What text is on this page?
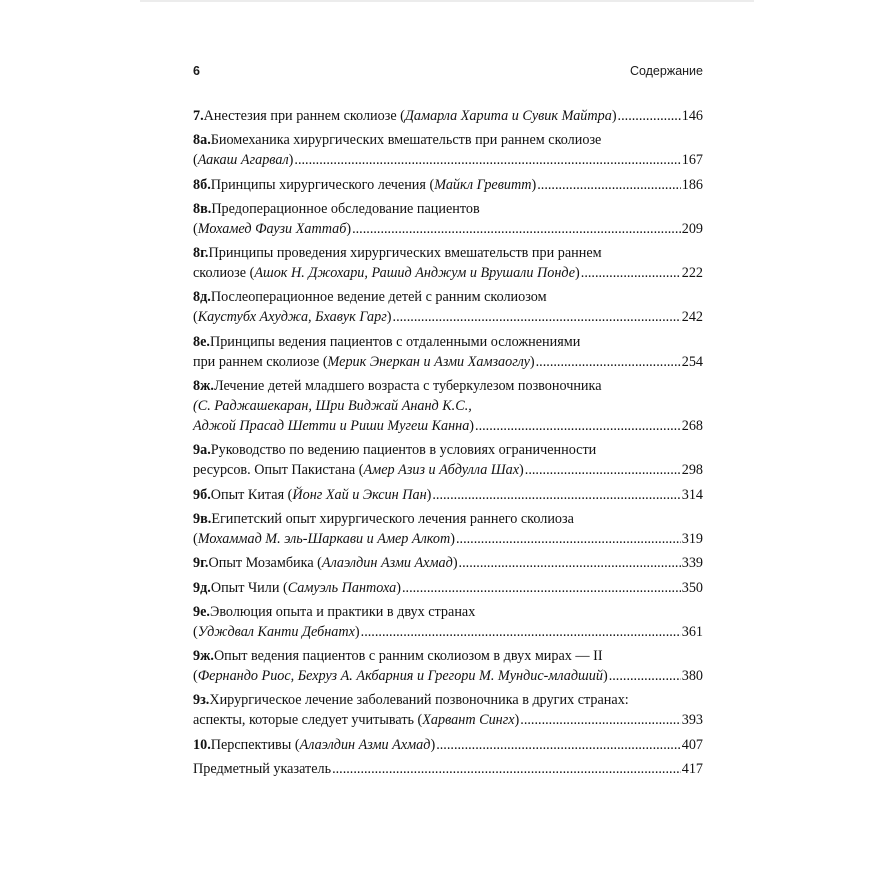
6	Содержание
7. Анестезия при раннем сколиозе ( Дамарла Харита и Сувик Майтра ) .....	146
8а. Биомеханика хирургических вмешательств при раннем сколиозе
( Аакаш Агарвал ) .....	167
8б. Принципы хирургического лечения ( Майкл Гревитт ) .....	186
8в. Предоперационное обследование пациентов
( Мохамед Фаузи Хаттаб ) .....	209
8г. Принципы проведения хирургических вмешательств при раннем
сколиозе ( Ашок Н. Джохари, Рашид Анджум и Врушали Понде ) .....	222
8д. Послеоперационное ведение детей с ранним сколиозом
( Каустубх Ахуджа, Бхавук Гарг ) .....	242
8е. Принципы ведения пациентов с отдаленными осложнениями
при раннем сколиозе ( Мерик Энеркан и Азми Хамзаоглу ) .....	254
8ж. Лечение детей младшего возраста с туберкулезом позвоночника
(С. Раджашекаран, Шри Виджай Ананд К.С.,
Аджой Прасад Шетти и Риши Мугеш Канна ) .....	268
9а. Руководство по ведению пациентов в условиях ограниченности
ресурсов. Опыт Пакистана ( Амер Азиз и Абдулла Шах ) .....	298
9б. Опыт Китая ( Йонг Хай и Эксин Пан ) .....	314
9в. Египетский опыт хирургического лечения раннего сколиоза
( Мохаммад М. эль-Шаркави и Амер Алкот ) .....	319
9г. Опыт Мозамбика ( Алаэлдин Азми Ахмад ) .....	339
9д. Опыт Чили ( Самуэль Пантоха ) .....	350
9е. Эволюция опыта и практики в двух странах
( Удждвал Канти Дебнатх ) .....	361
9ж. Опыт ведения пациентов с ранним сколиозом в двух мирах — II
( Фернандо Риос, Бехруз А. Акбарния и Грегори М. Мундис-младший ) .....	380
9з. Хирургическое лечение заболеваний позвоночника в других странах:
аспекты, которые следует учитывать ( Харвант Сингх ) .....	393
10. Перспективы ( Алаэлдин Азми Ахмад ) .....	407
Предметный указатель .....	417
